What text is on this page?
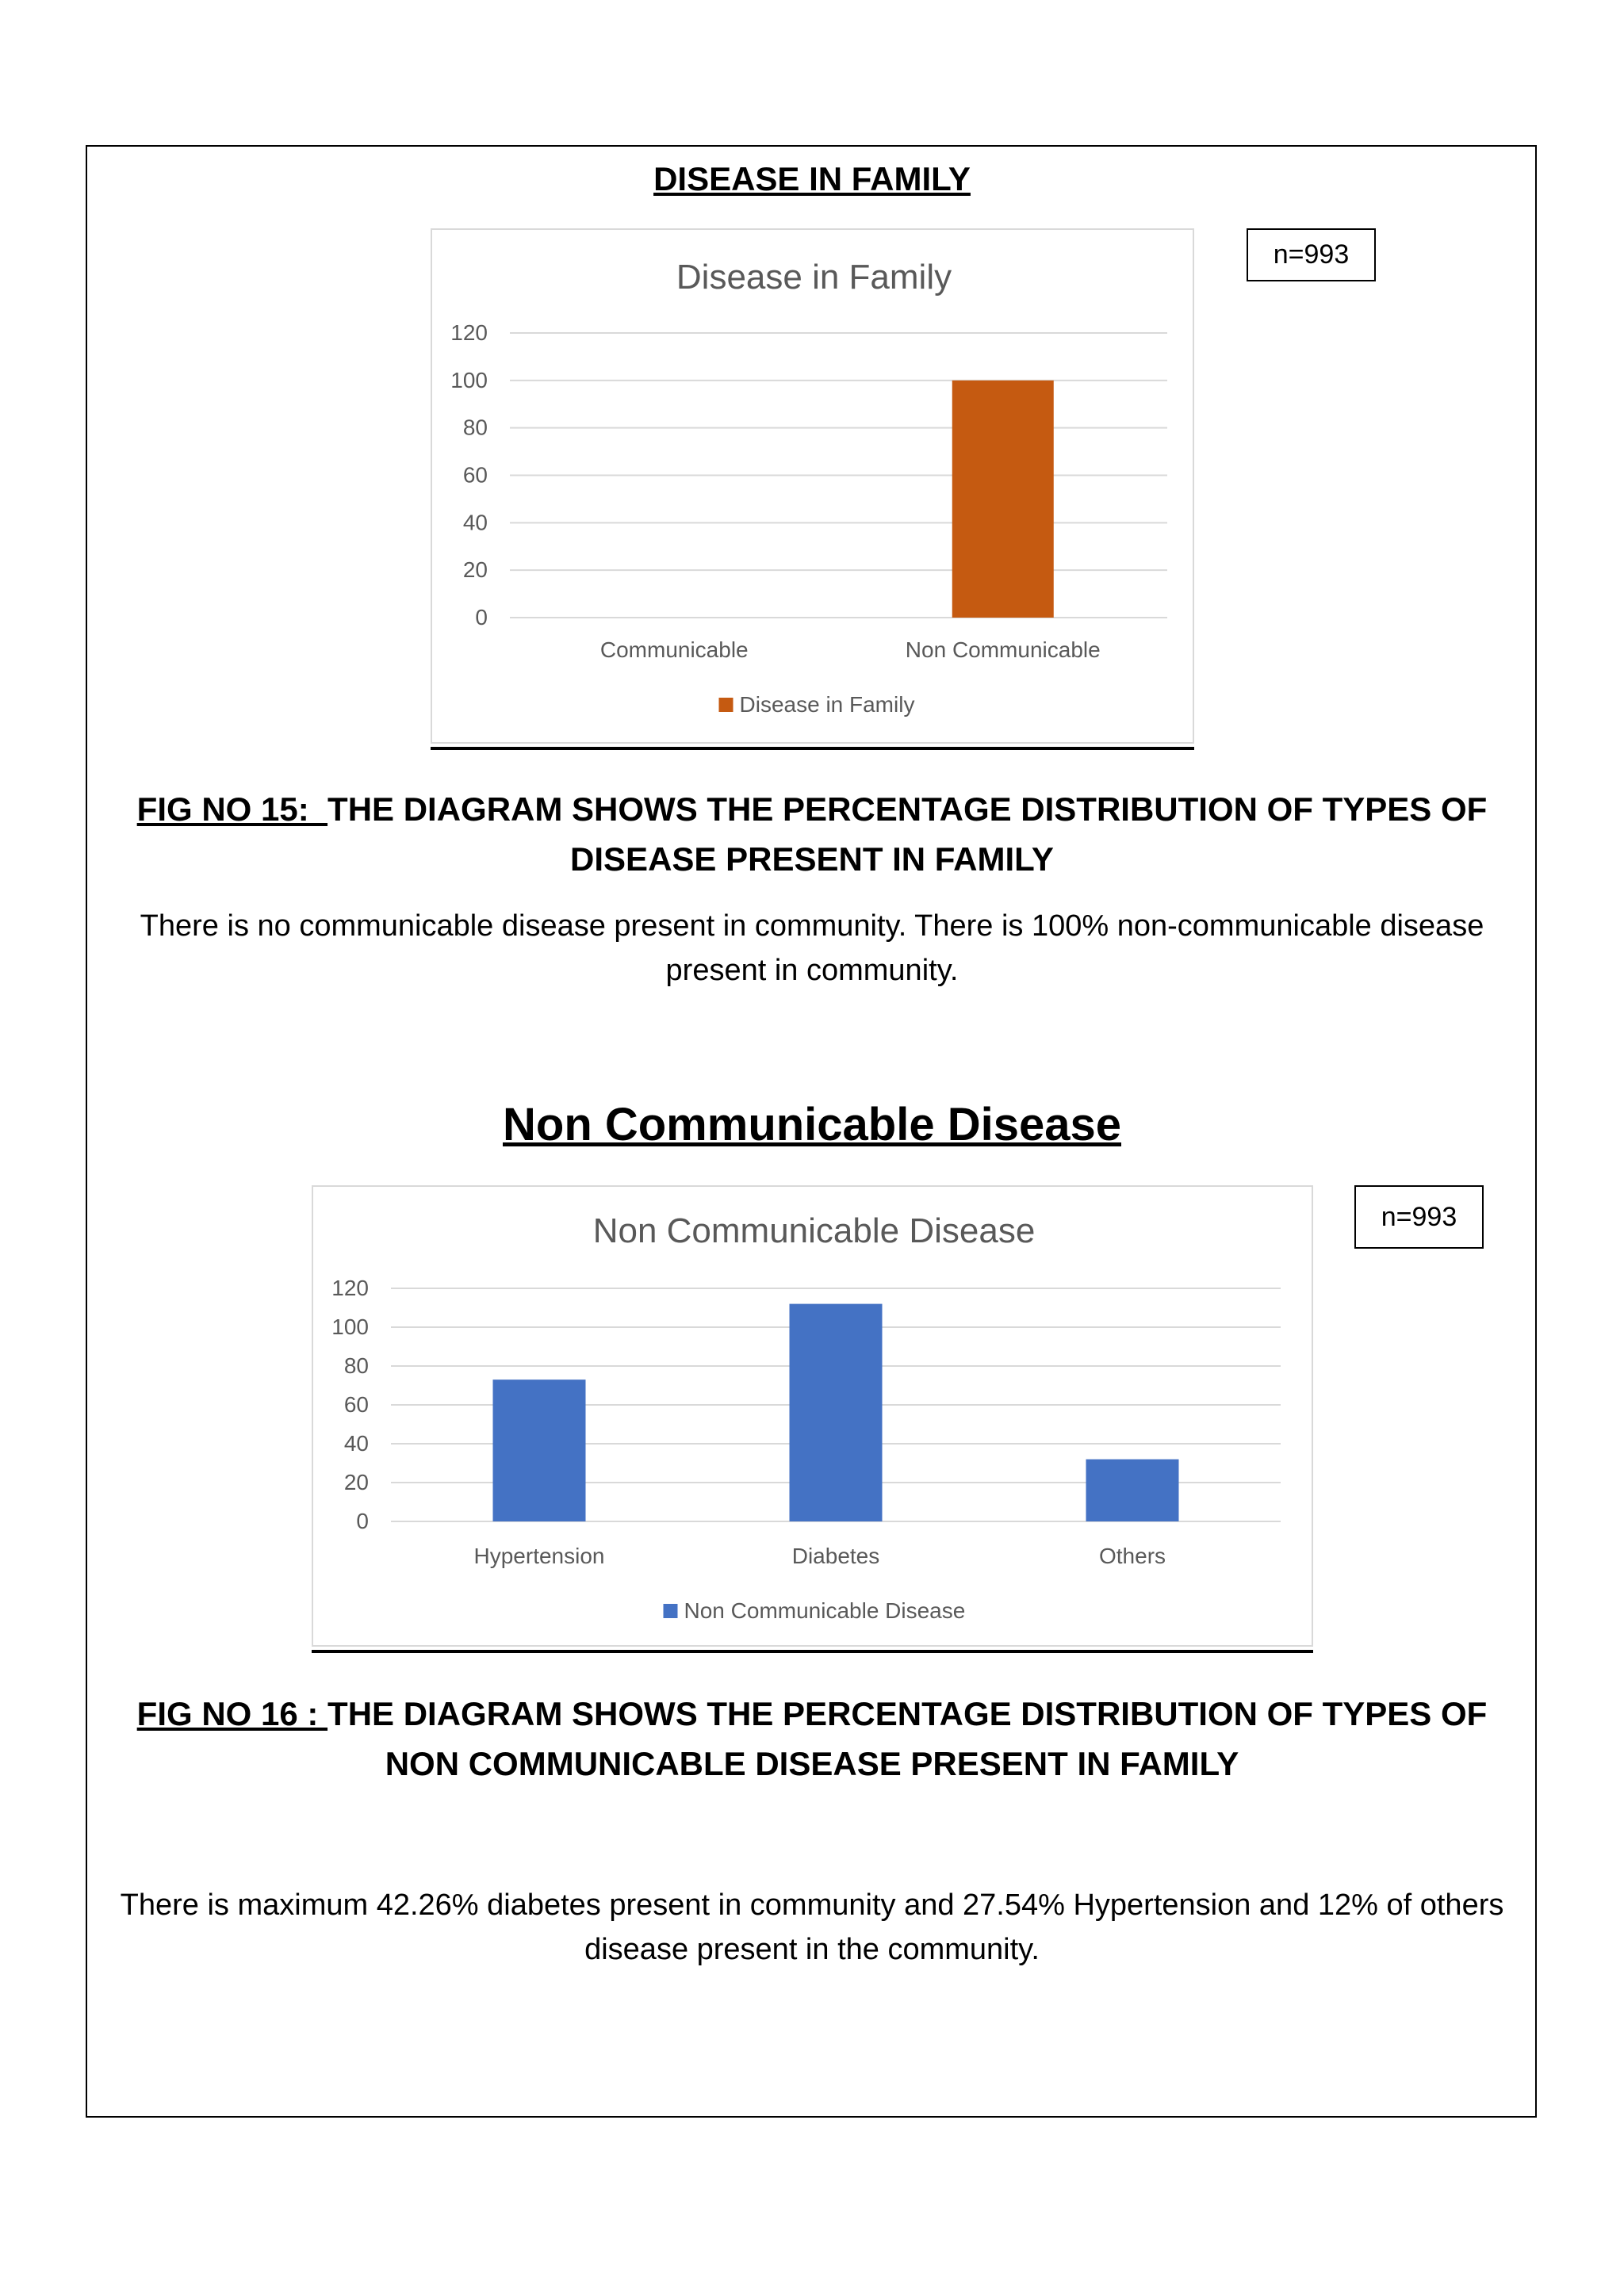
DISEASE IN FAMILY
Disease in Family
0
20
40
60
80
100
120
Communicable	Non Communicable
Disease in Family
n=993
FIG NO 15:  THE DIAGRAM SHOWS THE PERCENTAGE DISTRIBUTION OF TYPES OF DISEASE PRESENT IN FAMILY
There is no communicable disease present in community. There is 100% non-communicable disease present in community.
Non Communicable Disease
Non Communicable Disease
0
20
40
60
80
100
120
Hypertension	Diabetes	Others
Non Communicable Disease
n=993
FIG NO 16 : THE DIAGRAM SHOWS THE PERCENTAGE DISTRIBUTION OF TYPES OF NON COMMUNICABLE DISEASE PRESENT IN FAMILY
There is maximum 42.26% diabetes present in community and 27.54% Hypertension and 12% of others disease present in the community.
